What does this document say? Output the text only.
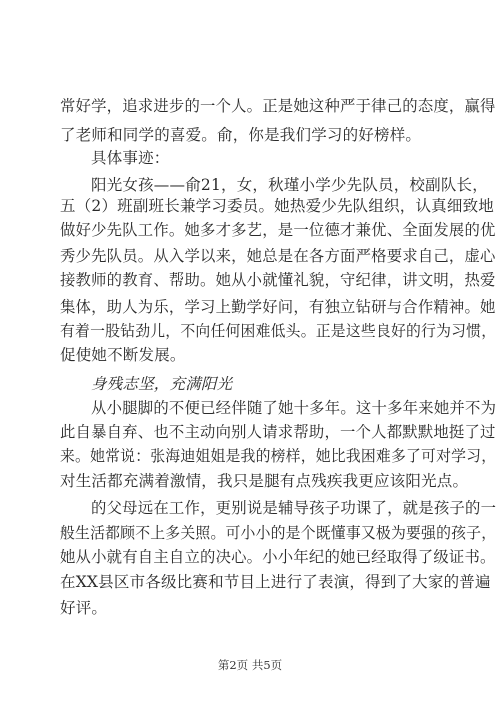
常好学，追求进步的一个人。正是她这种严于律己的态度，赢得
了老师和同学的喜爱。俞，你是我们学习的好榜样。
具体事迹：
阳光女孩——俞21，女，秋瑾小学少先队员，校副队长，
五（2）班副班长兼学习委员。她热爱少先队组织，认真细致地
做好少先队工作。她多才多艺，是一位德才兼优、全面发展的优
秀少先队员。从入学以来，她总是在各方面严格要求自己，虚心
接教师的教育、帮助。她从小就懂礼貌，守纪律，讲文明，热爱
集体，助人为乐，学习上勤学好问，有独立钻研与合作精神。她
有着一股钻劲儿，不向任何困难低头。正是这些良好的行为习惯，
促使她不断发展。
身残志坚，充满阳光
从小腿脚的不便已经伴随了她十多年。这十多年来她并不为
此自暴自弃、也不主动向别人请求帮助，一个人都默默地挺了过
来。她常说：张海迪姐姐是我的榜样，她比我困难多了可对学习，
对生活都充满着激情，我只是腿有点残疾我更应该阳光点。
的父母远在工作，更别说是辅导孩子功课了，就是孩子的一
般生活都顾不上多关照。可小小的是个既懂事又极为要强的孩子，
她从小就有自主自立的决心。小小年纪的她已经取得了级证书。
在XX县区市各级比赛和节目上进行了表演，得到了大家的普遍
好评。
第2页 共5页
